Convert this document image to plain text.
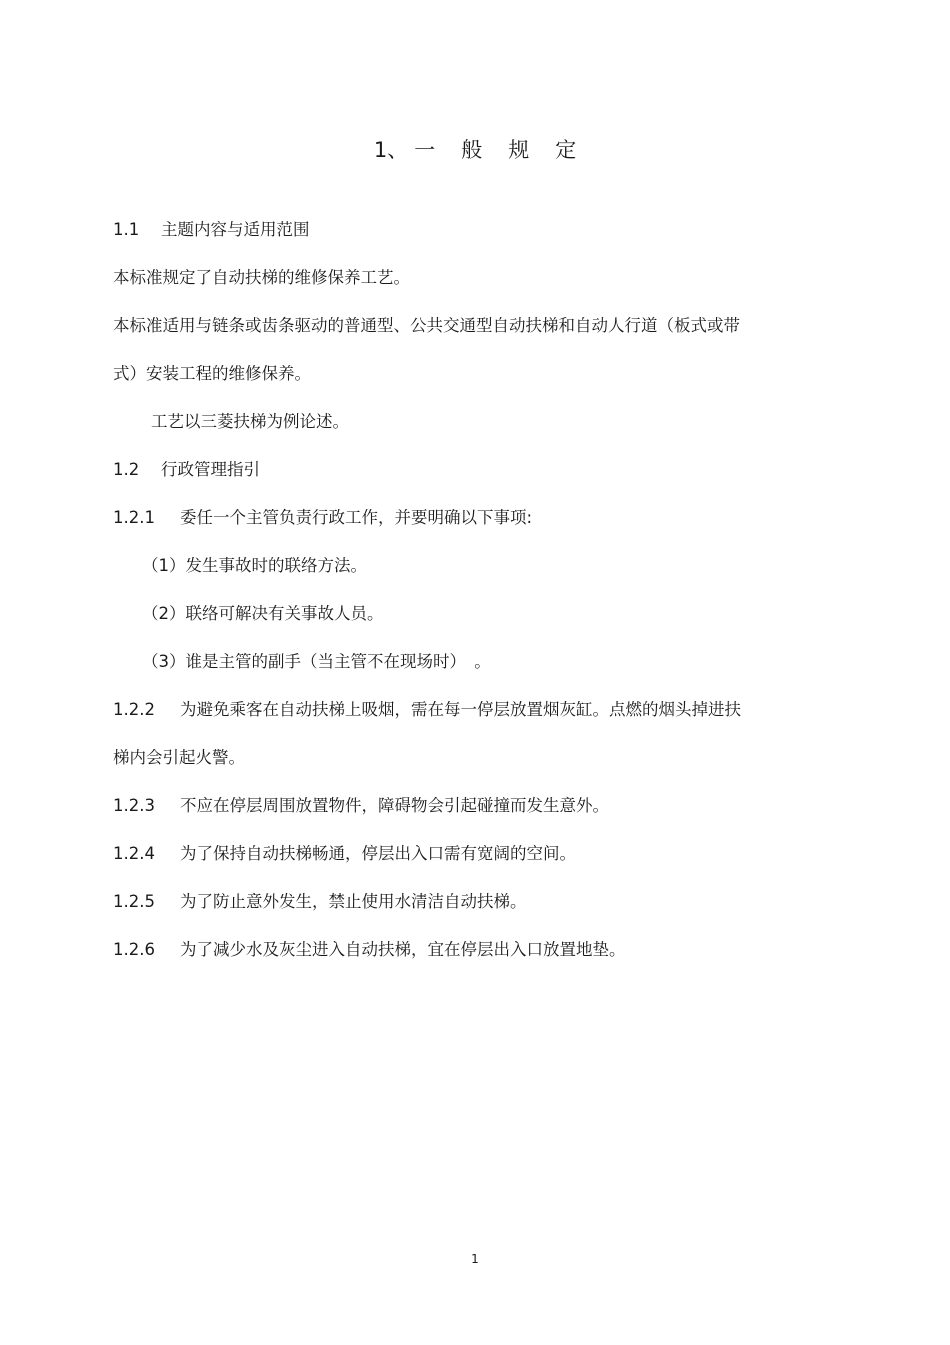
1、 一 般 规 定
1.1 主题内容与适用范围
本标准规定了自动扶梯的维修保养工艺。
本标准适用与链条或齿条驱动的普通型、公共交通型自动扶梯和自动人行道（板式或带
式）安装工程的维修保养。
工艺以三菱扶梯为例论述。
1.2 行政管理指引
1.2.1 委任一个主管负责行政工作，并要明确以下事项:
（1）发生事故时的联络方法。
（2）联络可解决有关事故人员。
（3）谁是主管的副手（当主管不在现场时）　。
1.2.2 为避免乘客在自动扶梯上吸烟，需在每一停层放置烟灰缸。点燃的烟头掉进扶
梯内会引起火警。
1.2.3 不应在停层周围放置物件，障碍物会引起碰撞而发生意外。
1.2.4 为了保持自动扶梯畅通，停层出入口需有宽阔的空间。
1.2.5 为了防止意外发生，禁止使用水清洁自动扶梯。
1.2.6 为了减少水及灰尘进入自动扶梯，宜在停层出入口放置地垫。
1
